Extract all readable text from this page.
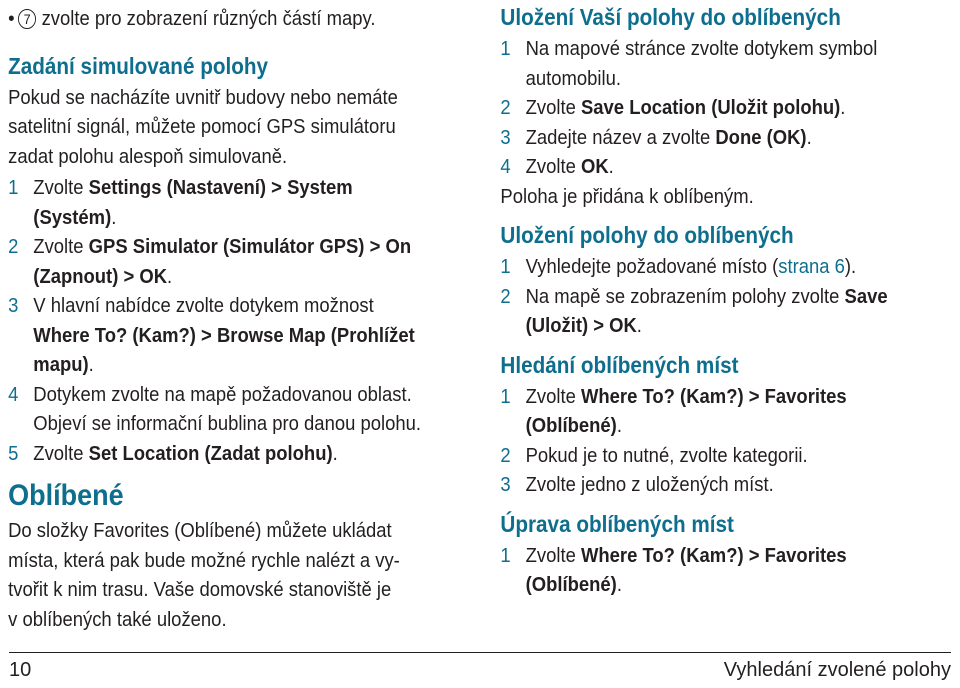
• 7 zvolte pro zobrazení různých částí mapy.
Zadání simulované polohy

Pokud se nacházíte uvnitř budovy nebo nemáte

satelitní signál, můžete pomocí GPS simulátoru

zadat polohu alespoň simulovaně.

1 Zvolte Settings (Nastavení) > System

(Systém).

2 Zvolte GPS Simulator (Simulátor GPS) > On

(Zapnout) > OK.

3 V hlavní nabídce zvolte dotykem možnost

Where To? (Kam?) > Browse Map (Prohlížet

mapu).

4 Dotykem zvolte na mapě požadovanou oblast.

Objeví se informační bublina pro danou polohu.

5 Zvolte Set Location (Zadat polohu).

Oblíbené

Do složky Favorites (Oblíbené) můžete ukládat

místa, která pak bude možné rychle nalézt a vy-

tvořit k nim trasu. Vaše domovské stanoviště je

v oblíbených také uloženo.

Uložení Vaší polohy do oblíbených

1 Na mapové stránce zvolte dotykem symbol

automobilu.

2 Zvolte Save Location (Uložit polohu).

3 Zadejte název a zvolte Done (OK).

4 Zvolte OK.

Poloha je přidána k oblíbeným.

Uložení polohy do oblíbených

1 Vyhledejte požadované místo (strana 6).

2 Na mapě se zobrazením polohy zvolte Save

(Uložit) > OK.

Hledání oblíbených míst

1 Zvolte Where To? (Kam?) > Favorites

(Oblíbené).

2 Pokud je to nutné, zvolte kategorii.

3 Zvolte jedno z uložených míst.

Úprava oblíbených míst

1 Zvolte Where To? (Kam?) > Favorites

(Oblíbené).

10	Vyhledání zvolené polohy
